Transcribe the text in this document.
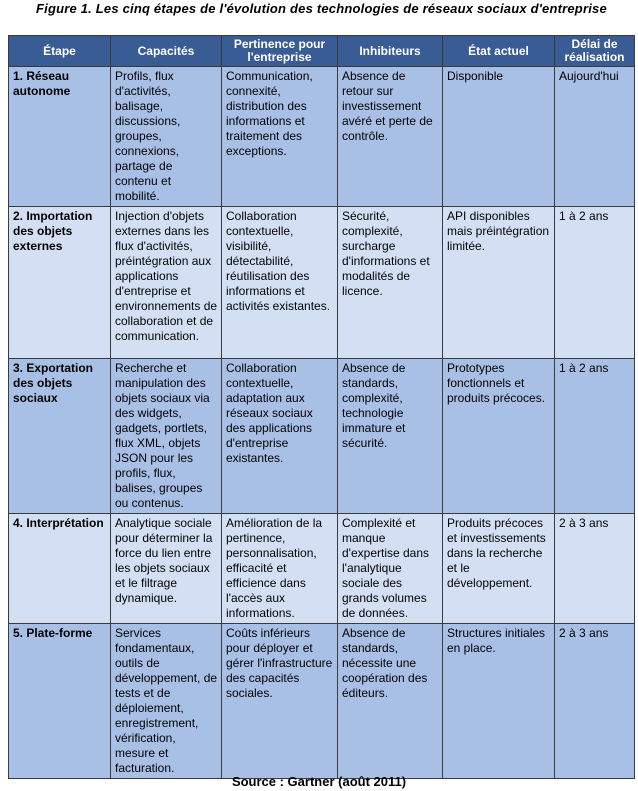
Figure 1. Les cinq étapes de l'évolution des technologies de réseaux sociaux d'entreprise
Étape	Capacités	Pertinence pour l'entreprise	Inhibiteurs	État actuel	Délai de réalisation
1. Réseau autonome	Profils, flux d'activités, balisage, discussions, groupes, connexions, partage de contenu et mobilité.	Communication, connexité, distribution des informations et traitement des exceptions.	Absence de retour sur investissement avéré et perte de contrôle.	Disponible	Aujourd'hui
2. Importation des objets externes	Injection d'objets externes dans les flux d'activités, préintégration aux applications d'entreprise et environnements de collaboration et de communication.	Collaboration contextuelle, visibilité, détectabilité, réutilisation des informations et activités existantes.	Sécurité, complexité, surcharge d'informations et modalités de licence.	API disponibles mais préintégration limitée.	1 à 2 ans
3. Exportation des objets sociaux	Recherche et manipulation des objets sociaux via des widgets, gadgets, portlets, flux XML, objets JSON pour les profils, flux, balises, groupes ou contenus.	Collaboration contextuelle, adaptation aux réseaux sociaux des applications d'entreprise existantes.	Absence de standards, complexité, technologie immature et sécurité.	Prototypes fonctionnels et produits précoces.	1 à 2 ans
4. Interprétation	Analytique sociale pour déterminer la force du lien entre les objets sociaux et le filtrage dynamique.	Amélioration de la pertinence, personnalisation, efficacité et efficience dans l'accès aux informations.	Complexité et manque d'expertise dans l'analytique sociale des grands volumes de données.	Produits précoces et investissements dans la recherche et le développement.	2 à 3 ans
5. Plate-forme	Services fondamentaux, outils de développement, de tests et de déploiement, enregistrement, vérification, mesure et facturation.	Coûts inférieurs pour déployer et gérer l'infrastructure des capacités sociales.	Absence de standards, nécessite une coopération des éditeurs.	Structures initiales en place.	2 à 3 ans
Source : Gartner (août 2011)
